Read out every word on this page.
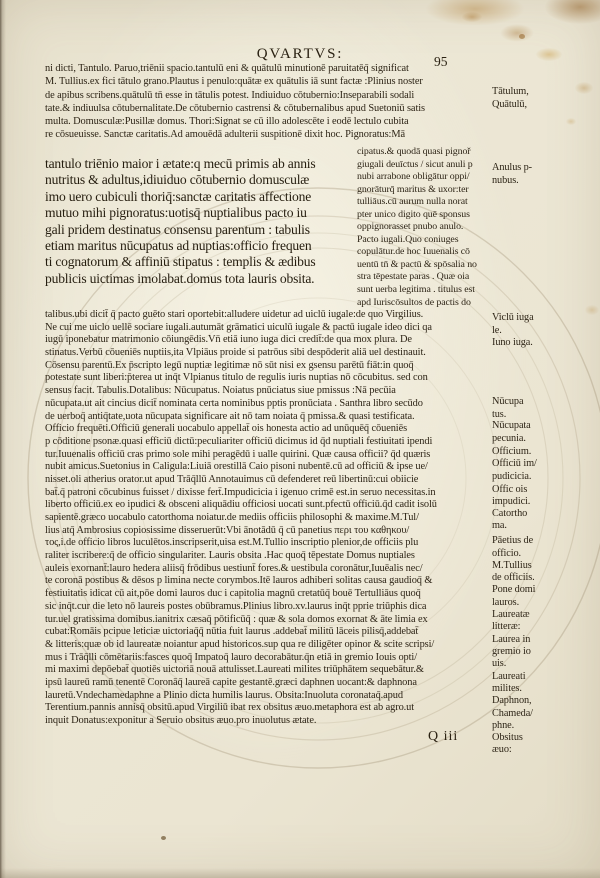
QVARTVS:	95
ni dicti, Tantulo. Paruo,triēnii spacio.tantulū eni & quātulū minutionē paruitatēq̄ significat
M. Tullius.ex fici tātulo grano.Plautus i penulo:quātæ ex quātulis iā sunt factæ :Plinius noster
de apibus scribens.quātulū tn̄ esse in tātulis potest. Indiuiduo cōtubernio:Inseparabili sodali
tate.& indiuulsa cōtubernalitate.De cōtubernio castrensi & cōtubernalibus apud Suetoniū satis
multa. Domusculæ:Pusillæ domus. Thori:Signat se cū illo adolescēte i eodē lectulo cubita
re cōsueuisse. Sanctæ caritatis.Ad amouēdā adulterii suspitionē dixit hoc. Pignoratus:Mā
tantulo triēnio maior i ætate:q mecū primis ab annis
nutritus & adultus,idiuiduo cōtubernio domusculæ
imo uero cubiculi thoriq̄:sanctæ caritatis affectione
mutuo mihi pignoratus:uotisq̄ nuptialibus pacto iu
gali pridem destinatus consensu parentum : tabulis
etiam maritus nūcupatus ad nuptias:officio frequen
ti cognatorum & affiniū stipatus : templis & ædibus
publicis uictimas imolabat.domus tota lauris obsita.
cipatus.& quodā quasi pignoř
giugali deuīctus / sicut anuli p
nubi arrabone obligātur oppi/
gnorāturq̄ maritus & uxor:ter
tulliāus.cū aurum nulla norat
pter unico digito quē sponsus
oppignorasset pnubo anulo.
Pacto iugali.Quo coniuges
copulātur.de hoc Iuuenalis cō
uentū tn̄ & pactū & spōsalia no
stra tēpestate paras . Quæ oia
sunt uerba legitima . titulus est
apd Iuriscōsultos de pactis do
talibus.ubi dicit̄ q̄ pacto guēto stari oportebit:alludere uidetur ad uiclū iugale:de quo Virgilius.
Ne cui me uiclo uellē sociare iugali.autumāt grāmatici uiculū iugale & pactū iugale ideo dici qa
iugū iponebatur matrimonio cōiungēdis.Vn̄ etiā iuno iuga dici credit̄:de qua mox plura. De
stinatus.Verbū cōueniēs nuptiis,ita Vlpiāus proide si patrōus sibi despōderit aliā uel destinauit.
Cōsensu parentū.Ex p̄scripto legū nuptiæ legitimæ nō sūt nisi ex gsensu parētū fiāt:in quoq̄
potestate sunt liberi:p̄terea ut inq̄t Vlpianus titulo de regulis iuris nuptias nō cōcubitus. sed con
sensus facit. Tabulis.Dotalibus: Nūcupatus. Noiatus pnūciatus siue pmissus :Nā pecūia
nūcupata.ut ait cincius dicit̄ nominata certa nominibus pptis pronūciata . Santhra libro secūdo
de uerboq̄ antiq̄tate,uota nūcupata significare ait nō tam noiata q̄ pmissa.& quasi testificata.
Officio frequēti.Officiū generali uocabulo appellat̄ ois honesta actio ad unūquēq̄ cōueniēs
p cōditione psonæ.quasi efficiū dictū:peculiariter officiū dicimus id q̄d nuptiali festiuitati ipendi
tur.Iuuenalis officiū cras primo sole mihi peragēdū i ualle quirini. Quæ causa officii? q̄d quæris
nubit amicus.Suetonius in Caligula:Liuiā orestillā Caio pisoni nubentē.cū ad officiū & ipse ue/
nisset.oli atherius orator.ut apud Trāq̄llū Annotauimus cū defenderet reū libertinū:cui obiicie
bat̄.q̄ patroni cōcubinus fuisset / dixisse fert̄.Impudicicia i igenuo crimē est.in seruo necessitas.in
liberto officiū.ex eo ipudici & obsceni aliquādiu officiosi uocati sunt.pfectū officiū.q̄d cadit isolū
sapientē.græco uocabulo catorthoma noiatur.de mediis officiis philosophi & maxime.M.Tul/
lius atq̄ Ambrosius copiosissime disseruerūt:Vbi ānotādū q̄ cū panetius περι του καθηκου/
τος,i.de officio libros luculētos.inscripserit,uisa est.M.Tullio inscriptio plenior,de officiis plu
raliter iscribere:q̄ de officio singulariter. Lauris obsita .Hac quoq̄ tēpestate Domus nuptiales
auleis exornant̄:lauro hedera aliisq̄ frōdibus uestiunt̄ fores.& uestibula coronātur,Iuuēalis nec/
te coronā postibus & dēsos p limina necte corymbos.Itē lauros adhiberi solitas causa gaudioq̄ &
festiuitatis idicat cū ait,pōe domi lauros duc i capitolia magnū cretatūq̄ bouē Tertulliāus quoq̄
sic inq̄t.cur die leto nō laureis postes obūbramus.Plinius libro.xv.laurus inq̄t pprie triūphis dica
tur.uel gratissima domibus.ianitrix cæsaq̄ pōtificūq̄ : quæ & sola domos exornat & āte limia ex
cubat:Romāis pcipue leticiæ uictoriaq̄q̄ nūtia fuit laurus .addebat̄ militū lāceis pilisq̄,addebat̄
& litteris:quæ ob id laureatæ noiantur apud historicos.sup qua re diligēter opinor & scite scripsi/
mus i Trāq̄lli cōmētariis:fasces quoq̄ Impatoq̄ lauro decorabātur.q̄n etiā in gremio Iouis opti/
mi maximi depōebat̄ quotiēs uictoriā nouā attulisset.Laureati milites triūphātem sequebātur.&
ipsū laureū ramū tenentē Coronāq̄ laureā capite gestantē.græci daphnen uocant:& daphnona
lauretū.Vndechamedaphne a Plinio dicta humilis laurus. Obsita:Inuoluta coronataq̄.apud
Terentium.pannis annisq̄ obsitū.apud Virgiliū ibat rex obsitus æuo.metaphora est ab agro.ut
inquit Donatus:exponitur a Seruio obsitus æuo.pro inuolutus ætate.
Tātulum,
Quātulū,
Anulus p-
nubus.
Viclū iuga
le.
Iuno iuga.
Nūcupa
tus.
Nūcupata
pecunia.
Officium.
Officiū im/
pudicicia.
Offic ois
impudici.
Catortho
ma.
Pāetius de
officio.
M.Tullius
de officiis.
Pone domi
lauros.
Laureatæ
litteræ:
Laurea in
gremio io
uis.
Laureati
milites.
Daphnon,
Chameda/
phne.
Obsitus
æuo:
Q iii
